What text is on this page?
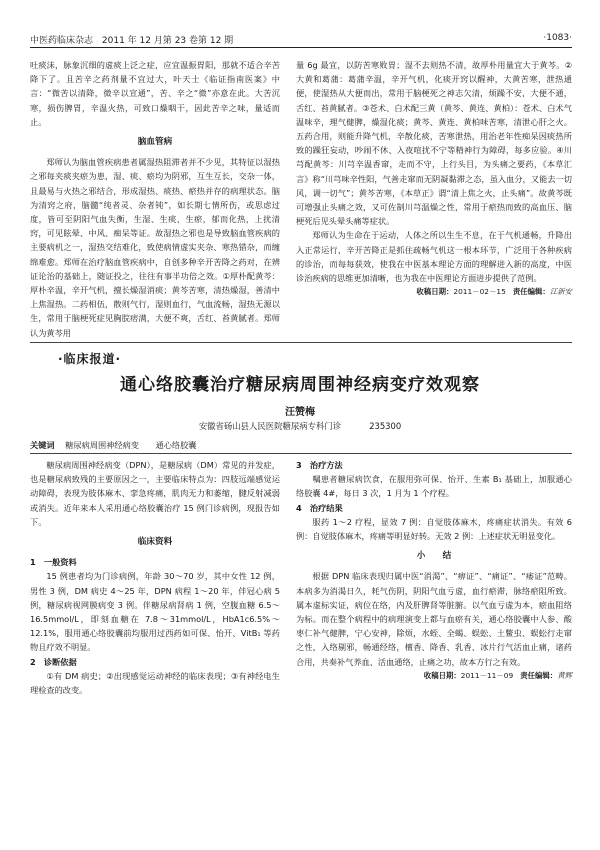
中医药临床杂志 2011 年 12 月第 23 卷第 12 期	·1083·

吐痰沫，脉象沉细的虚痰上泛之症，应宜温振胃阳，那就不适合辛苦降下了。且苦辛之药剂量不宜过大，叶天士《临证指南医案》中言：“微苦以清降，微辛以宣通”，苦、辛之“微”亦意在此。大苦沉寒，损伤脾胃，辛温火热，可致口燥咽干，因此苦辛之味，量适而止。

脑血管病

郑师认为脑血管疾病患者属湿热阻滞者并不少见，其特征以湿热之邪每夹痰夹瘀为患，湿、痰、瘀均为阴邪，互生互长，交杂一体，且最易与火热之邪结合，形成湿热、痰热、瘀热并存的病理状态。脑为清窍之府，脑髓“纯者灵、杂者钝”，如长期七情所伤，或思虑过度，皆可至阴阳气血失衡，生湿、生痰、生瘀，郁而化热，上扰清窍，可见眩晕、中风、痴呆等证。故湿热之邪也是导致脑血管疾病的主要病机之一，湿热交结难化，致使病情虚实夹杂、寒热错杂，而缠绵难愈。郑师在治疗脑血管疾病中，自创多种辛开苦降之药对，在辨证论治的基础上，随证投之，往往有事半功倍之效。①厚朴配黄芩：厚朴辛温，辛开气机，擅长燥湿消痰；黄芩苦寒，清热燥湿，善清中上焦湿热。二药相伍，散则气行，湿则血行，气血流畅，湿热无源以生，常用于脑梗死症见胸脘痞满，大便不爽，舌红、苔黄腻者。郑师认为黄芩用

量 6g 最宜，以防苦寒败胃；湿不去则热不清，故厚朴用量宜大于黄芩。②大黄和葛蒲：葛蒲辛温，辛开气机，化痰开窍以醒神，大黄苦寒，泄热通便，使湿热从大便而出，常用于脑梗死之神志欠清，烦躁不安，大便不通，舌红、苔黄腻者。③苍术、白术配三黄（黄芩、黄连、黄柏）：苍术、白术气温味辛，理气健脾，燥湿化痰；黄芩、黄连、黄柏味苦寒，清泄心肝之火。五药合用，则能升降气机，辛散化痰，苦寒泄热，用治老年性痴呆因痰热所致的躁狂妄动，吵闹不休、入夜喧扰不宁等精神行为障碍，每多应验。④川芎配黄芩：川芎辛温香窜，走而不守，上行头目，为头痛之要药，《本草汇言》称“川芎味辛性阳，气善走窜而无阴凝黏滞之态，虽入血分，又能去一切风，调一切气”；黄芩苦寒，《本草正》谓“清上焦之火，止头痛”。故黄芩既可增强止头痛之效，又可佐制川芎温燥之性，常用于瘀热而致的高血压、脑梗死后见头晕头痛等症状。

郑师认为生命在于运动，人体之所以生生不息，在于气机通畅，升降出入正常运行，辛开苦降正是抓住疏畅气机这一根本环节，广泛用于各种疾病的诊治，而每每获效，使我在中医基本理论方面的理解进入新的高度，中医诊治疾病的思维更加清晰，也为我在中医理论方面进步提供了范例。

收稿日期：2011－02－15 责任编辑：江新安

·临床报道·
通心络胶囊治疗糖尿病周围神经病变疗效观察
汪赞梅
安徽省砀山县人民医院糖尿病专科门诊	235300
关键词 糖尿病周围神经病变 通心络胶囊

糖尿病周围神经病变（DPN），是糖尿病（DM）常见的并发症，也是糖尿病致残的主要原因之一，主要临床特点为：四肢远端感觉运动障碍，表现为肢体麻木、挛急疼痛，肌肉无力和萎缩，腱反射减弱或消失。近年来本人采用通心络胶囊治疗 15 例门诊病例，现报告如下。

临床资料

1　一般资料

15 例患者均为门诊病例，年龄 30～70 岁，其中女性 12 例，男性 3 例，DM 病史 4～25 年，DPN 病程 1～20 年，伴冠心病 5 例，糖尿病视网膜病变 3 例。伴糖尿病肾病 1 例，空腹血糖 6.5～16.5mmol/L，即刻血糖在 7.8～31mmol/L，HbA1c6.5%～12.1%，服用通心络胶囊前均服用过西药如可保、怡开、VitB₁ 等药物且疗效不明显。

2　诊断依据

①有 DM 病史；②出现感觉运动神经的临床表现；③有神经电生理检查的改变。

3　治疗方法

嘱患者糖尿病饮食，在服用弥可保、怡开、生素 B₁ 基础上，加服通心络胶囊 4#，每日 3 次，1 月为 1 个疗程。

4　治疗结果

服药 1～2 疗程，显效 7 例：自觉肢体麻木，疼痛症状消失。有效 6 例：自觉肢体麻木，疼痛等明显好转。无效 2 例：上述症状无明显变化。

小　　结

根据 DPN 临床表现归属中医“消渴”、“痹证”、“痛证”、“痿证”范畴。本病多为消渴日久，耗气伤阴，阴阳气血亏虚，血行瘀滞，脉络瘀阻所致。属本虚标实证，病位在络，内及肝脾肾等脏腑。以气血亏虚为本，瘀血阻络为标。而在整个病程中的病理演变上都与血瘀有关，通心络胶囊中人参、酸枣仁补气健脾，宁心安神，除烦，水蛭、全蝎、蜈蚣、土鳖虫、蜈蚣行走窜之性，入络剔邪，畅通经络，檀香、降香、乳香、冰片行气活血止痛，诸药合用，共奏补气养血、活血通络，止痛之功，故本方行之有效。

收稿日期：2011－11－09 责任编辑：黄辉
